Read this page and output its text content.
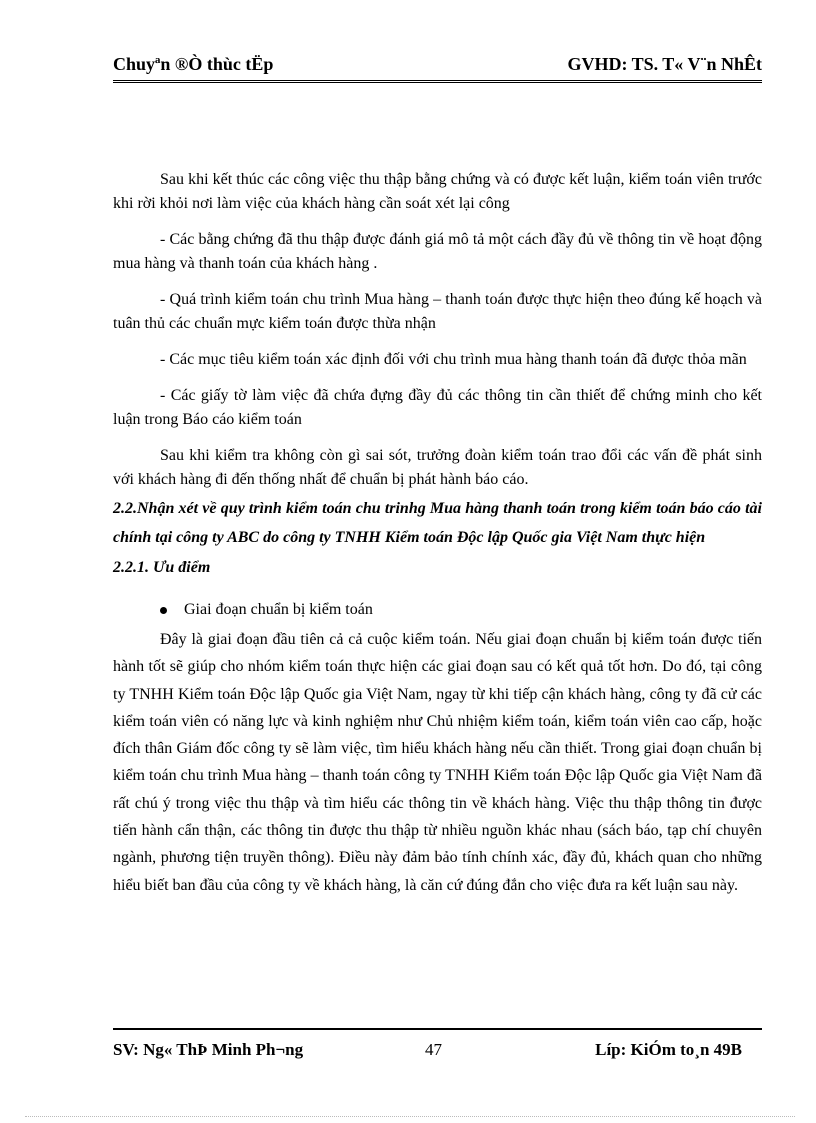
Chuyªn ®Ò thùc tËp	GVHD: TS. T« V¨n NhÊt

Sau khi kết thúc các công việc thu thập bằng chứng và có được kết luận, kiểm toán viên trước khi rời khỏi nơi làm việc của khách hàng cần soát xét lại công

- Các bằng chứng đã thu thập được đánh giá mô tả một cách đầy đủ về thông tin về hoạt động mua hàng và thanh toán của khách hàng .

- Quá trình kiểm toán chu trình Mua hàng – thanh toán được thực hiện theo đúng kế hoạch và tuân thủ các chuẩn mực kiểm toán được thừa nhận

- Các mục tiêu kiểm toán xác định đối với chu trình mua hàng thanh toán đã được thỏa mãn

- Các giấy tờ làm việc đã chứa đựng đầy đủ các thông tin cần thiết để chứng minh cho kết luận trong Báo cáo kiểm toán

Sau khi kiểm tra không còn gì sai sót, trưởng đoàn kiểm toán trao đổi các vấn đề phát sinh với khách hàng đi đến thống nhất để chuẩn bị phát hành báo cáo.

2.2.Nhận xét về quy trình kiểm toán chu trinhg Mua hàng thanh toán trong kiểm toán báo cáo tài chính tại công ty ABC do công ty TNHH Kiểm toán Độc lập Quốc gia Việt Nam thực hiện

2.2.1. Ưu điểm

Giai đoạn chuẩn bị kiểm toán

Đây là giai đoạn đầu tiên cả cả cuộc kiểm toán. Nếu giai đoạn chuẩn bị kiểm toán được tiến hành tốt sẽ giúp cho nhóm kiểm toán thực hiện các giai đoạn sau có kết quả tốt hơn. Do đó, tại công ty TNHH Kiểm toán Độc lập Quốc gia Việt Nam, ngay từ khi tiếp cận khách hàng, công ty đã cử các kiểm toán viên có năng lực và kinh nghiệm như Chủ nhiệm kiểm toán, kiểm toán viên cao cấp, hoặc đích thân Giám đốc công ty sẽ làm việc, tìm hiểu khách hàng nếu cần thiết. Trong giai đoạn chuẩn bị kiểm toán chu trình Mua hàng – thanh toán công ty TNHH Kiểm toán Độc lập Quốc gia Việt Nam đã rất chú ý trong việc thu thập và tìm hiểu các thông tin về khách hàng. Việc thu thập thông tin được tiến hành cẩn thận, các thông tin được thu thập từ nhiều nguồn khác nhau (sách báo, tạp chí chuyên ngành, phương tiện truyền thông). Điều này đảm bảo tính chính xác, đầy đủ, khách quan cho những hiểu biết ban đầu của công ty về khách hàng, là căn cứ đúng đắn cho việc đưa ra kết luận sau này.

SV: Ng« ThÞ Minh Ph¬ng	47	Líp: KiÓm to¸n 49B
